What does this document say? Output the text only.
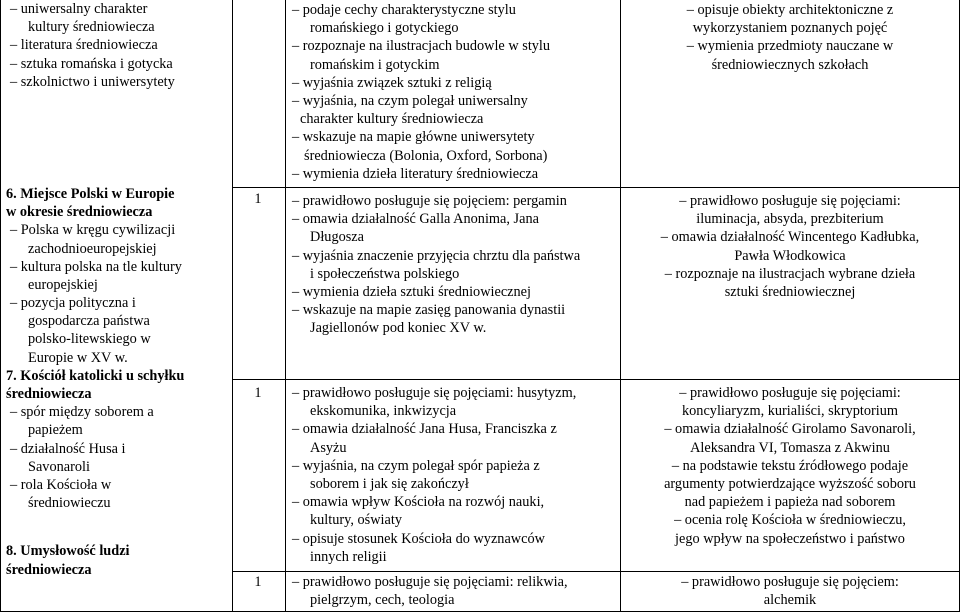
– uniwersalny charakter
kultury średniowiecza
– literatura średniowiecza
– sztuka romańska i gotycka
– szkolnictwo i uniwersytety
6. Miejsce Polski w Europie
w okresie średniowiecza
– Polska w kręgu cywilizacji
zachodnioeuropejskiej
– kultura polska na tle kultury
europejskiej
– pozycja polityczna i
gospodarcza państwa
polsko-litewskiego w
Europie w XV w.
7. Kościół katolicki u schyłku
średniowiecza
– spór między soborem a
papieżem
– działalność Husa i
Savonaroli
– rola Kościoła w
średniowieczu
8. Umysłowość ludzi
średniowiecza
1
1
1
– podaje cechy charakterystyczne stylu
romańskiego i gotyckiego
– rozpoznaje na ilustracjach budowle w stylu
romańskim i gotyckim
– wyjaśnia związek sztuki z religią
– wyjaśnia, na czym polegał uniwersalny
charakter kultury średniowiecza
– wskazuje na mapie główne uniwersytety
średniowiecza (Bolonia, Oxford, Sorbona)
– wymienia dzieła literatury średniowiecza
– prawidłowo posługuje się pojęciem: pergamin
– omawia działalność Galla Anonima, Jana
Długosza
– wyjaśnia znaczenie przyjęcia chrztu dla państwa
i społeczeństwa polskiego
– wymienia dzieła sztuki średniowiecznej
– wskazuje na mapie zasięg panowania dynastii
Jagiellonów pod koniec XV w.
– prawidłowo posługuje się pojęciami: husytyzm,
ekskomunika, inkwizycja
– omawia działalność Jana Husa, Franciszka z
Asyżu
– wyjaśnia, na czym polegał spór papieża z
soborem i jak się zakończył
– omawia wpływ Kościoła na rozwój nauki,
kultury, oświaty
– opisuje stosunek Kościoła do wyznawców
innych religii
– prawidłowo posługuje się pojęciami: relikwia,
pielgrzym, cech, teologia
– opisuje obiekty architektoniczne z
wykorzystaniem poznanych pojęć
– wymienia przedmioty nauczane w
średniowiecznych szkołach
– prawidłowo posługuje się pojęciami:
iluminacja, absyda, prezbiterium
– omawia działalność Wincentego Kadłubka,
Pawła Włodkowica
– rozpoznaje na ilustracjach wybrane dzieła
sztuki średniowiecznej
– prawidłowo posługuje się pojęciami:
koncyliaryzm, kurialiści, skryptorium
– omawia działalność Girolamo Savonaroli,
Aleksandra VI, Tomasza z Akwinu
– na podstawie tekstu źródłowego podaje
argumenty potwierdzające wyższość soboru
nad papieżem i papieża nad soborem
– ocenia rolę Kościoła w średniowieczu,
jego wpływ na społeczeństwo i państwo
– prawidłowo posługuje się pojęciem:
alchemik
